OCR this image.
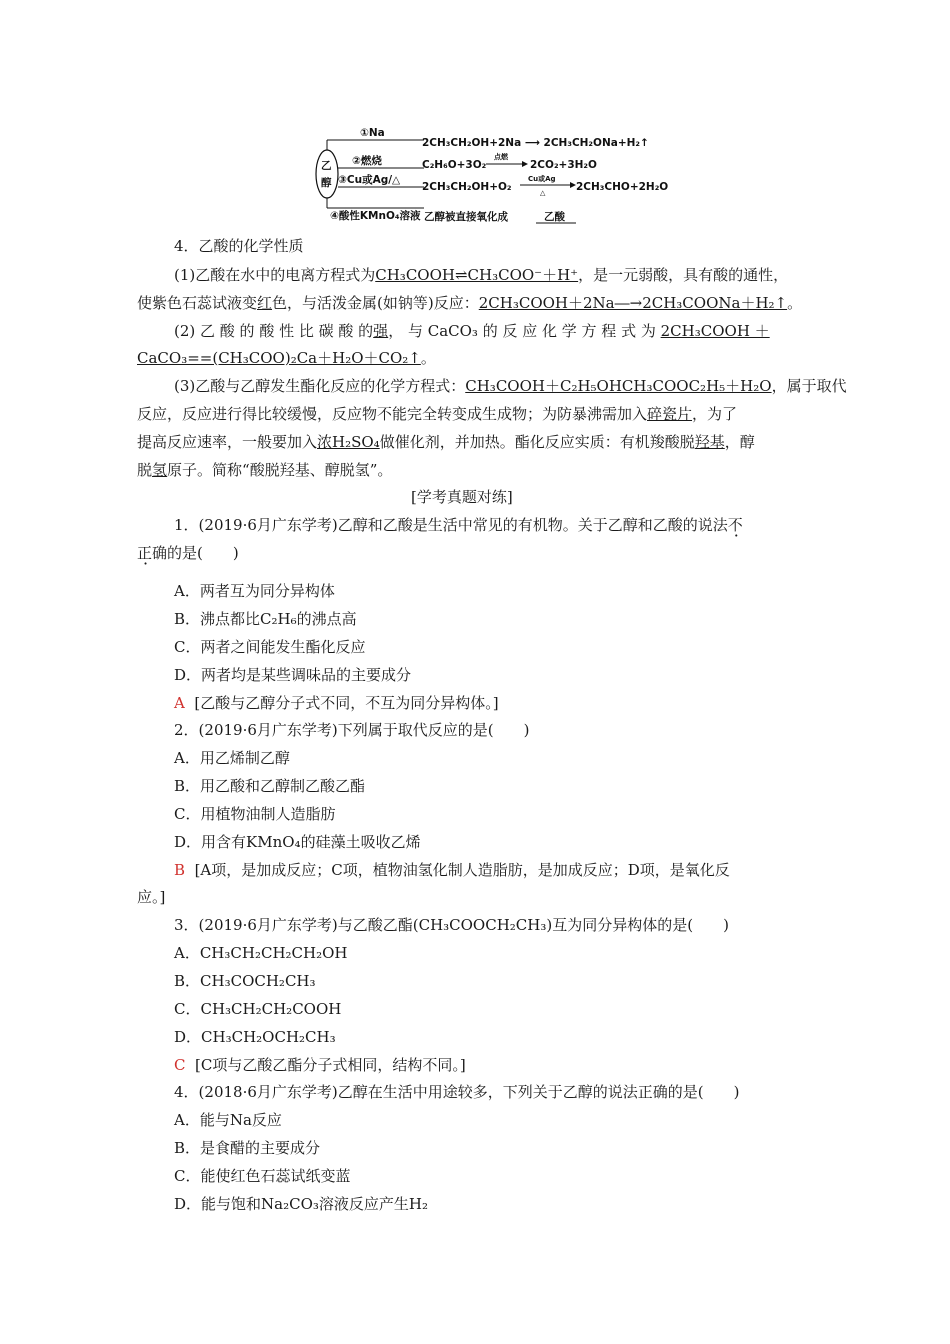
乙
醇
①Na
②燃烧
③Cu或Ag/△
④酸性KMnO₄溶液
2CH₃CH₂OH+2Na ⟶ 2CH₃CH₂ONa+H₂↑
C₂H₆O+3O₂
点燃
2CO₂+3H₂O
2CH₃CH₂OH+O₂
Cu或Ag
△	2CH₃CHO+2H₂O
乙醇被直接氧化成	乙酸
4．乙酸的化学性质
(1)乙酸在水中的电离方程式为CH₃COOH⇌CH₃COO⁻＋H⁺，是一元弱酸，具有酸的通性，
使紫色石蕊试液变红色，与活泼金属(如钠等)反应：2CH₃COOH＋2Na―→2CH₃COONa＋H₂↑。
(2) 乙 酸 的 酸 性 比 碳 酸 的强， 与 CaCO₃ 的 反 应 化 学 方 程 式 为 2CH₃COOH ＋
CaCO₃==(CH₃COO)₂Ca＋H₂O＋CO₂↑。
(3)乙酸与乙醇发生酯化反应的化学方程式：CH₃COOH＋C₂H₅OHCH₃COOC₂H₅＋H₂O，属于取代
反应，反应进行得比较缓慢，反应物不能完全转变成生成物；为防暴沸需加入碎瓷片，为了
提高反应速率，一般要加入浓H₂SO₄做催化剂，并加热。酯化反应实质：有机羧酸脱羟基，醇
脱氢原子。简称“酸脱羟基、醇脱氢”。
[学考真题对练]
1．(2019·6月广东学考)乙醇和乙酸是生活中常见的有机物。关于乙醇和乙酸的说法不
正确的是(　　) ·
A．两者互为同分异构体
B．沸点都比C₂H₆的沸点高
C．两者之间能发生酯化反应
D．两者均是某些调味品的主要成分
A [乙酸与乙醇分子式不同，不互为同分异构体。]
2．(2019·6月广东学考)下列属于取代反应的是(　　)
A．用乙烯制乙醇
B．用乙酸和乙醇制乙酸乙酯
C．用植物油制人造脂肪
D．用含有KMnO₄的硅藻土吸收乙烯
B [A项，是加成反应；C项，植物油氢化制人造脂肪，是加成反应；D项，是氧化反
应。]
3．(2019·6月广东学考)与乙酸乙酯(CH₃COOCH₂CH₃)互为同分异构体的是(　　)
A．CH₃CH₂CH₂CH₂OH
B．CH₃COCH₂CH₃
C．CH₃CH₂CH₂COOH
D．CH₃CH₂OCH₂CH₃
C [C项与乙酸乙酯分子式相同，结构不同。]
4．(2018·6月广东学考)乙醇在生活中用途较多，下列关于乙醇的说法正确的是(　　)
A．能与Na反应
B．是食醋的主要成分
C．能使红色石蕊试纸变蓝
D．能与饱和Na₂CO₃溶液反应产生H₂
